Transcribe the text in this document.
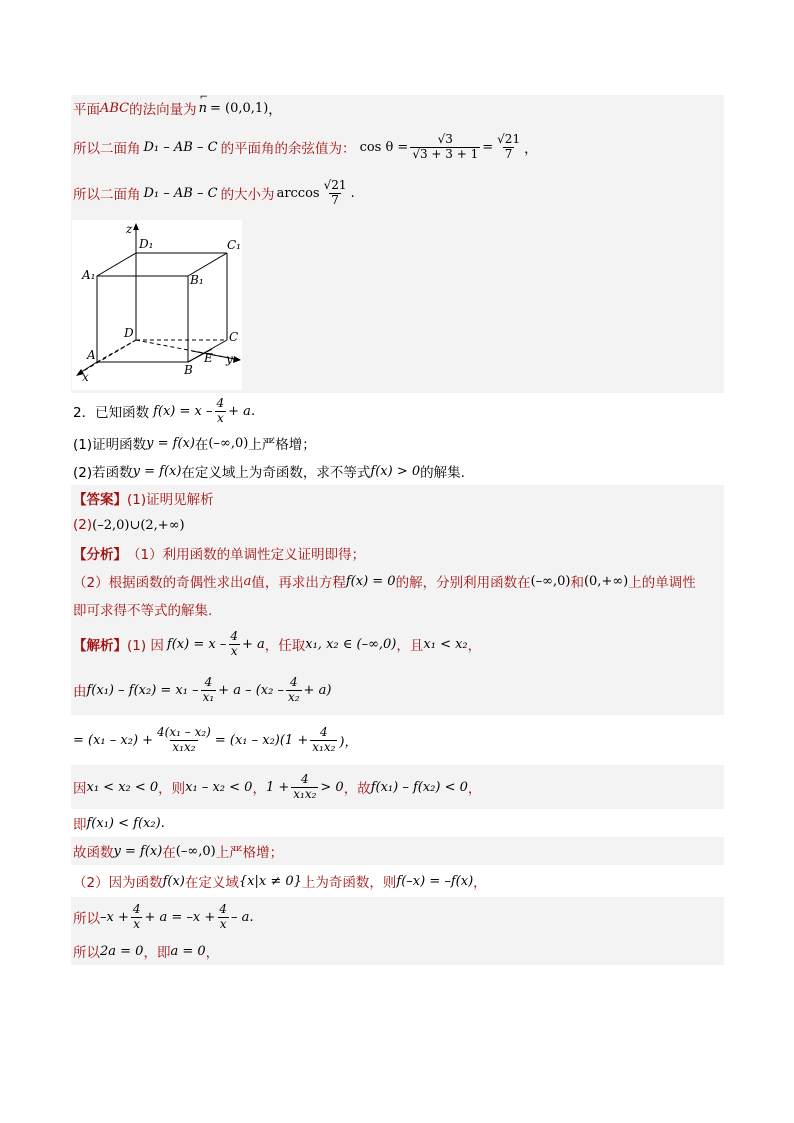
平面 ABC 的法向量为 n
⌐
= (0,0,1) ，
所以二面角 D₁ – AB – C 的平面角的余弦值为： $\cos \theta = \frac{√3}{√3 + 3 + 1} = \frac{√21}{7}$ ，
所以二面角 D₁ – AB – C 的大小为 $\arccos \frac{√21}{7}$ .
z
D₁	C₁
A₁	B₁
D	C
A
B
E y
x
2．已知函数 $f(x) = x - \frac{4}{x} + a$ .
(1)证明函数 y = f(x) 在 (–∞,0) 上严格增；
(2)若函数 y = f(x) 在定义域上为奇函数，求不等式 f(x) > 0 的解集.
【答案】 (1)证明见解析
(2) (–2,0)∪(2,+∞)
【分析】 （1）利用函数的单调性定义证明即得；
（2）根据函数的奇偶性求出 a 值，再求出方程 f(x) = 0 的解，分别利用函数在 (–∞,0) 和 (0,+∞) 上的单调性
即可求得不等式的解集.
【解析】 (1) 因 $f(x) = x - \frac{4}{x} + a$ ，任取 x₁, x₂ ∈ (–∞,0) ，且 x₁ < x₂ ，
由 $f(x_1) - f(x_2) = x_1 - \frac{4}{\text{x₁}} + a - (x_2 - \frac{4}{\text{x₂}} + a)$
= $(x_1 - x_2) + \frac{\text{4(x₁ – x₂)}}{\text{x₁x₂}} = (x_1 - x_2)(1 + \frac{4}{\text{x₁x₂}}$ )，
因 x₁ < x₂ < 0 ，则 x₁ – x₂ < 0 ， $1 + \frac{4}{\text{x₁x₂}} > 0$ ，故 f(x₁) – f(x₂) < 0 ，
即 f(x₁) < f(x₂) .
故函数 y = f(x) 在 (–∞,0) 上严格增；
（2）因为函数 f(x) 在定义域 {x|x ≠ 0} 上为奇函数，则 f(–x) = –f(x) ，
所以 $-x + \frac{4}{x} + a = -x + \frac{4}{x} - a$ .
所以 2a = 0 ，即 a = 0 ，
